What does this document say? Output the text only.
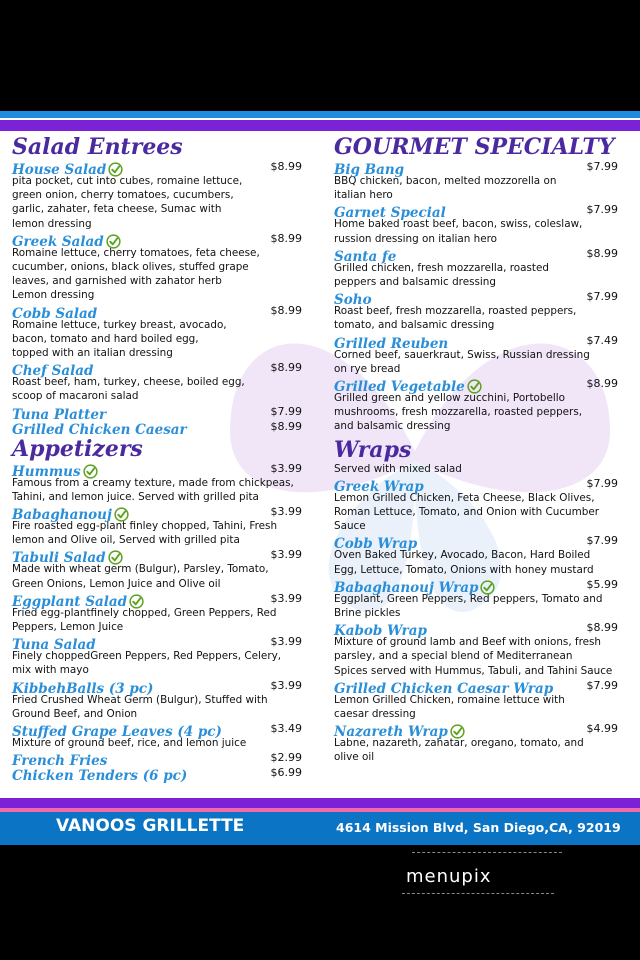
Salad Entrees
House Salad	$8.99

pita pocket, cut into cubes, romaine lettuce,

green onion, cherry tomatoes, cucumbers,

garlic, zahater, feta cheese, Sumac with

lemon dressing

Greek Salad	$8.99

Romaine lettuce, cherry tomatoes, feta cheese,

cucumber, onions, black olives, stuffed grape

leaves, and garnished with zahator herb

Lemon dressing

Cobb Salad	$8.99

Romaine lettuce, turkey breast, avocado,

bacon, tomato and hard boiled egg,

topped with an italian dressing

Chef Salad	$8.99

Roast beef, ham, turkey, cheese, boiled egg,

scoop of macaroni salad

Tuna Platter	$7.99
Grilled Chicken Caesar	$8.99
Appetizers
Hummus	$3.99

Famous from a creamy texture, made from chickpeas,

Tahini, and lemon juice. Served with grilled pita

Babaghanouj	$3.99

Fire roasted egg-plant finley chopped, Tahini, Fresh

lemon and Olive oil, Served with grilled pita

Tabuli Salad	$3.99

Made with wheat germ (Bulgur), Parsley, Tomato,

Green Onions, Lemon Juice and Olive oil

Eggplant Salad	$3.99

Fried egg-plantfinely chopped, Green Peppers, Red

Peppers, Lemon Juice

Tuna Salad	$3.99

Finely choppedGreen Peppers, Red Peppers, Celery,

mix with mayo

KibbehBalls (3 pc)	$3.99

Fried Crushed Wheat Germ (Bulgur), Stuffed with

Ground Beef, and Onion

Stuffed Grape Leaves (4 pc)	$3.49

Mixture of ground beef, rice, and lemon juice

French Fries	$2.99
Chicken Tenders (6 pc)	$6.99
GOURMET SPECIALTY
Big Bang	$7.99

BBQ chicken, bacon, melted mozzorella on

italian hero

Garnet Special	$7.99

Home baked roast beef, bacon, swiss, coleslaw,

russion dressing on italian hero

Santa fe	$8.99

Grilled chicken, fresh mozzarella, roasted

peppers and balsamic dressing

Soho	$7.99

Roast beef, fresh mozzarella, roasted peppers,

tomato, and balsamic dressing

Grilled Reuben	$7.49

Corned beef, sauerkraut, Swiss, Russian dressing

on rye bread

Grilled Vegetable	$8.99

Grilled green and yellow zucchini, Portobello

mushrooms, fresh mozzarella, roasted peppers,

and balsamic dressing

Wraps

Served with mixed salad

Greek Wrap	$7.99

Lemon Grilled Chicken, Feta Cheese, Black Olives,

Roman Lettuce, Tomato, and Onion with Cucumber

Sauce

Cobb Wrap	$7.99

Oven Baked Turkey, Avocado, Bacon, Hard Boiled

Egg, Lettuce, Tomato, Onions with honey mustard

Babaghanouj Wrap	$5.99

Eggplant, Green Peppers, Red peppers, Tomato and

Brine pickles

Kabob Wrap	$8.99

Mixture of ground lamb and Beef with onions, fresh

parsley, and a special blend of Mediterranean

Spices served with Hummus, Tabuli, and Tahini Sauce

Grilled Chicken Caesar Wrap	$7.99

Lemon Grilled Chicken, romaine lettuce with

caesar dressing

Nazareth Wrap	$4.99

Labne, nazareth, zahatar, oregano, tomato, and

olive oil

VANOOS GRILLETTE	4614 Mission Blvd, San Diego,CA, 92019
menupix
